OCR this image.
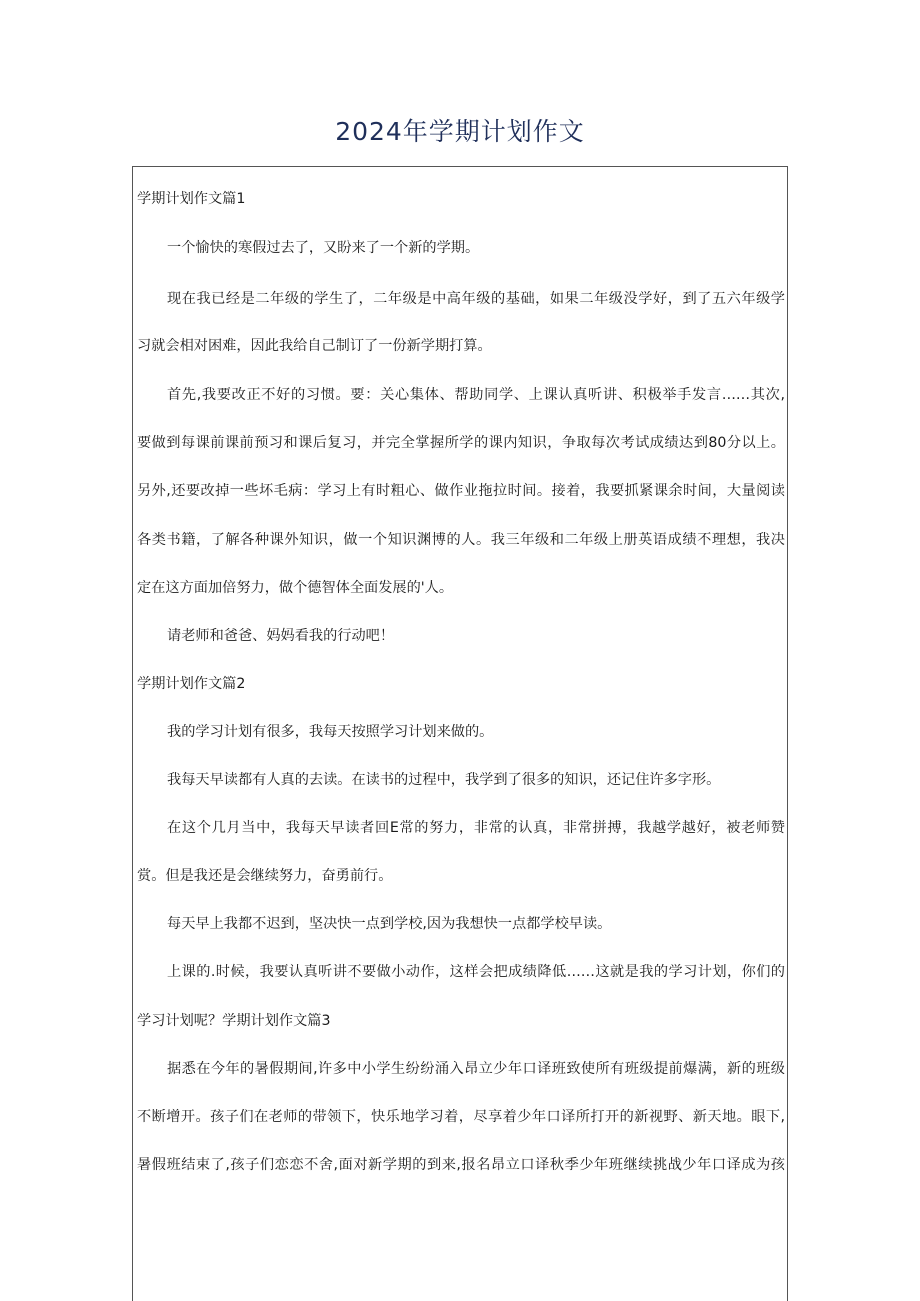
2024年学期计划作文
学期计划作文篇1
一个愉快的寒假过去了，又盼来了一个新的学期。
现在我已经是二年级的学生了，二年级是中高年级的基础，如果二年级没学好，到了五六年级学
习就会相对困难，因此我给自己制订了一份新学期打算。
首先,我要改正不好的习惯。要：关心集体、帮助同学、上课认真听讲、积极举手发言……其次,
要做到每课前课前预习和课后复习，并完全掌握所学的课内知识，争取每次考试成绩达到80分以上。
另外,还要改掉一些坏毛病：学习上有时粗心、做作业拖拉时间。接着，我要抓紧课余时间，大量阅读
各类书籍，了解各种课外知识，做一个知识渊博的人。我三年级和二年级上册英语成绩不理想，我决
定在这方面加倍努力，做个德智体全面发展的'人。
请老师和爸爸、妈妈看我的行动吧！
学期计划作文篇2
我的学习计划有很多，我每天按照学习计划来做的。
我每天早读都有人真的去读。在读书的过程中，我学到了很多的知识，还记住许多字形。
在这个几月当中，我每天早读者回E常的努力，非常的认真，非常拼搏，我越学越好，被老师赞
赏。但是我还是会继续努力，奋勇前行。
每天早上我都不迟到，坚决快一点到学校,因为我想快一点都学校早读。
上课的.时候，我要认真听讲不要做小动作，这样会把成绩降低……这就是我的学习计划，你们的
学习计划呢？学期计划作文篇3
据悉在今年的暑假期间,许多中小学生纷纷涌入昂立少年口译班致使所有班级提前爆满，新的班级
不断增开。孩子们在老师的带领下，快乐地学习着，尽享着少年口译所打开的新视野、新天地。眼下,
暑假班结束了,孩子们恋恋不舍,面对新学期的到来,报名昂立口译秋季少年班继续挑战少年口译成为孩
